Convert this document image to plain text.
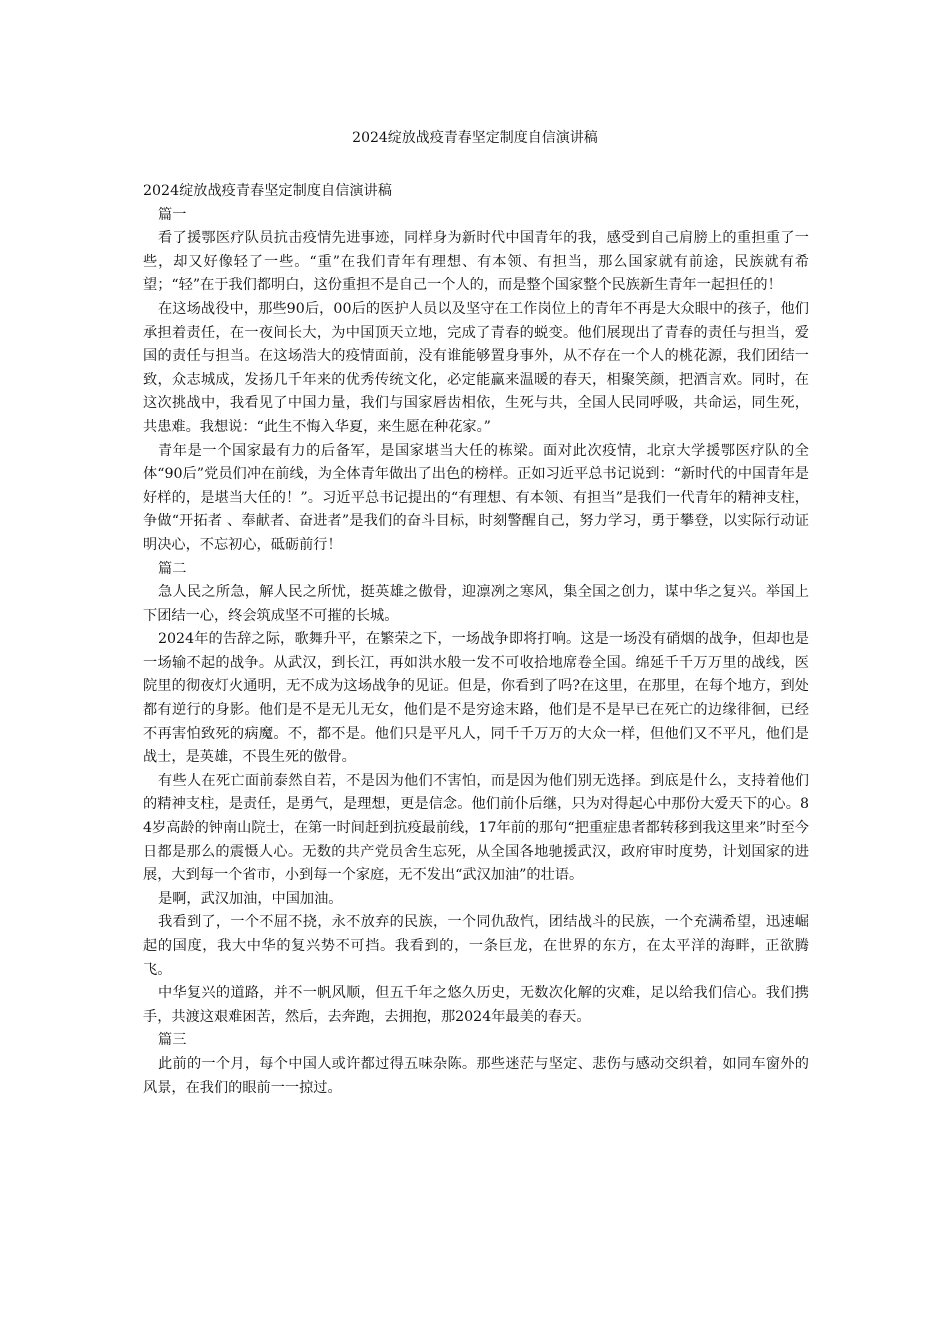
2024绽放战疫青春坚定制度自信演讲稿

2024绽放战疫青春坚定制度自信演讲稿

篇一

看了援鄂医疗队员抗击疫情先进事迹，同样身为新时代中国青年的我，感受到自己肩膀上的重担重了一些，却又好像轻了一些。“重”在我们青年有理想、有本领、有担当，那么国家就有前途，民族就有希望；“轻”在于我们都明白，这份重担不是自己一个人的，而是整个国家整个民族新生青年一起担任的！

在这场战役中，那些90后，00后的医护人员以及坚守在工作岗位上的青年不再是大众眼中的孩子，他们承担着责任，在一夜间长大，为中国顶天立地，完成了青春的蜕变。他们展现出了青春的责任与担当，爱国的责任与担当。在这场浩大的疫情面前，没有谁能够置身事外，从不存在一个人的桃花源，我们团结一致，众志城成，发扬几千年来的优秀传统文化，必定能赢来温暖的春天，相聚笑颜，把酒言欢。同时，在这次挑战中，我看见了中国力量，我们与国家唇齿相依，生死与共，全国人民同呼吸，共命运，同生死，共患难。我想说：“此生不悔入华夏，来生愿在种花家。”

青年是一个国家最有力的后备军，是国家堪当大任的栋梁。面对此次疫情，北京大学援鄂医疗队的全体“90后”党员们冲在前线，为全体青年做出了出色的榜样。正如习近平总书记说到：“新时代的中国青年是好样的，是堪当大任的！”。习近平总书记提出的“有理想、有本领、有担当”是我们一代青年的精神支柱，争做“开拓者 、奉献者、奋进者”是我们的奋斗目标，时刻警醒自己，努力学习，勇于攀登，以实际行动证明决心，不忘初心，砥砺前行！

篇二

急人民之所急，解人民之所忧，挺英雄之傲骨，迎凛冽之寒风，集全国之创力，谋中华之复兴。举国上下团结一心，终会筑成坚不可摧的长城。

2024年的告辞之际，歌舞升平，在繁荣之下，一场战争即将打响。这是一场没有硝烟的战争，但却也是一场输不起的战争。从武汉，到长江，再如洪水般一发不可收拾地席卷全国。绵延千千万万里的战线，医院里的彻夜灯火通明，无不成为这场战争的见证。但是，你看到了吗?在这里，在那里，在每个地方，到处都有逆行的身影。他们是不是无儿无女，他们是不是穷途末路，他们是不是早已在死亡的边缘徘徊，已经不再害怕致死的病魔。不，都不是。他们只是平凡人，同千千万万的大众一样，但他们又不平凡，他们是战士，是英雄，不畏生死的傲骨。

有些人在死亡面前泰然自若，不是因为他们不害怕，而是因为他们别无选择。到底是什么，支持着他们的精神支柱，是责任，是勇气，是理想，更是信念。他们前仆后继，只为对得起心中那份大爱天下的心。84岁高龄的钟南山院士，在第一时间赶到抗疫最前线，17年前的那句“把重症患者都转移到我这里来”时至今日都是那么的震慑人心。无数的共产党员舍生忘死，从全国各地驰援武汉，政府审时度势，计划国家的进展，大到每一个省市，小到每一个家庭，无不发出“武汉加油”的壮语。

是啊，武汉加油，中国加油。

我看到了，一个不屈不挠，永不放弃的民族，一个同仇敌忾，团结战斗的民族，一个充满希望，迅速崛起的国度，我大中华的复兴势不可挡。我看到的，一条巨龙，在世界的东方，在太平洋的海畔，正欲腾飞。

中华复兴的道路，并不一帆风顺，但五千年之悠久历史，无数次化解的灾难，足以给我们信心。我们携手，共渡这艰难困苦，然后，去奔跑，去拥抱，那2024年最美的春天。

篇三

此前的一个月，每个中国人或许都过得五味杂陈。那些迷茫与坚定、悲伤与感动交织着，如同车窗外的风景，在我们的眼前一一掠过。
